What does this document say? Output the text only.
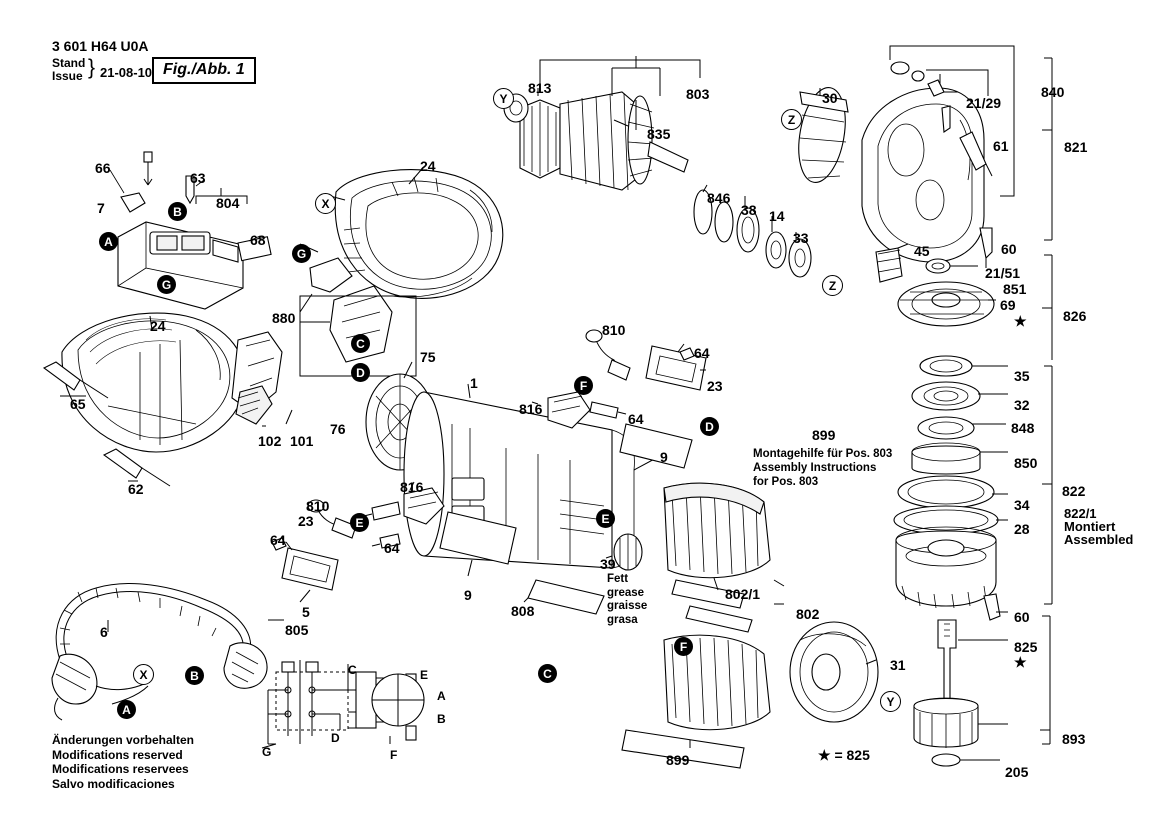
3 601 H64 U0A
Stand
Issue } 21-08-10 Fig./Abb. 1
66
63
804
7
68
24
24	880
75
1
65
102 101
76
62
816
816
810
810
64
64
64	64
23
23
9
9
899
899
808
39
802/1
802
31
5
805
6
813
835
803
846
38 14
33
30	21/29
840
821
61
60
21/51
851
69
45
826
35
32
848
850
34
28
822
60
825
893
205
A
B
G
G
C
D
F
D
E	E
F
C
B
A
X
Y
Z
Z
Y
X	C	E
A
B
D
G	F
Montagehilfe für Pos. 803
Assembly Instructions
for Pos. 803
Fett
grease
graisse
grasa
★ = 825
822/1
Montiert
Assembled
Änderungen vorbehalten
Modifications reserved
Modifications reservees
Salvo modificaciones
★
★
